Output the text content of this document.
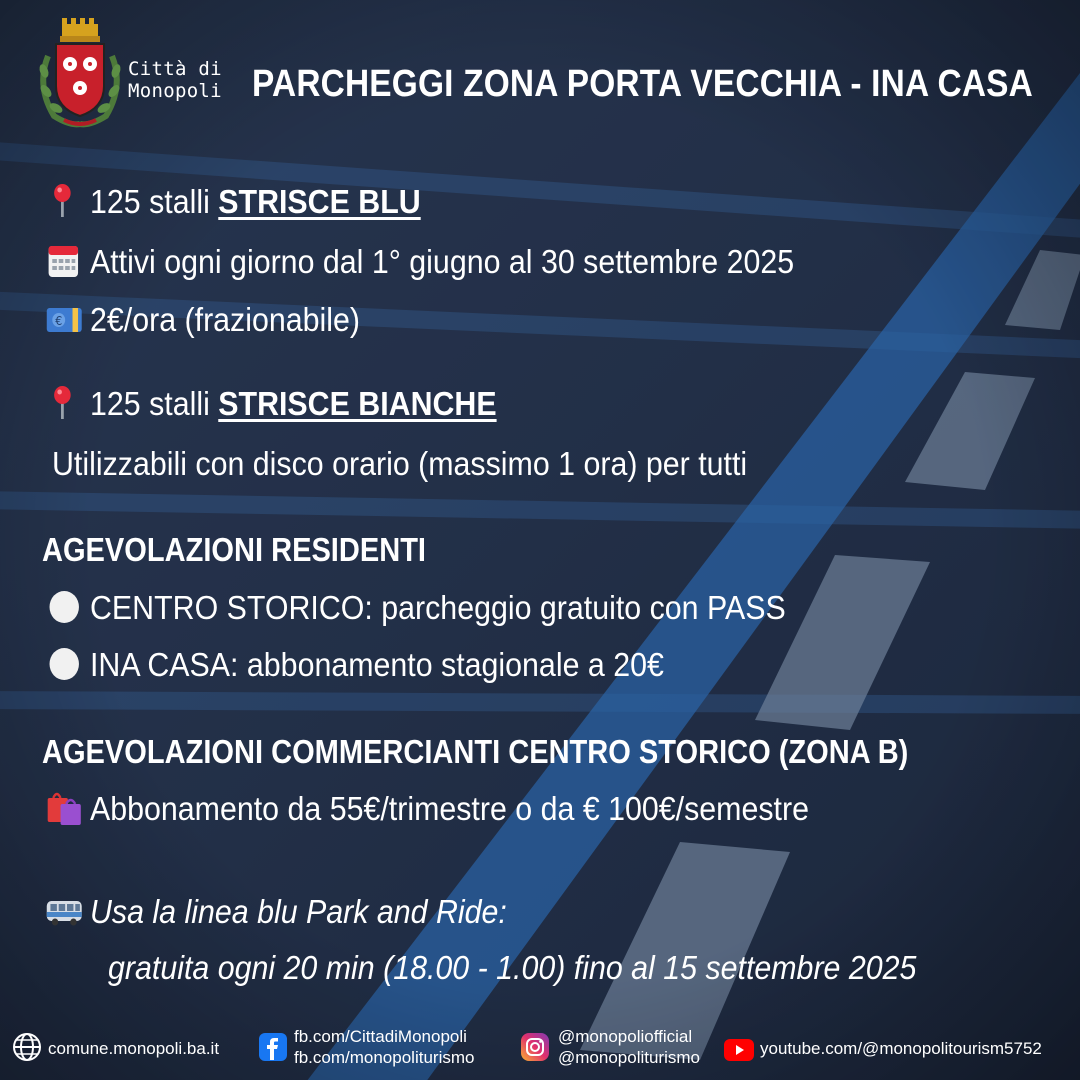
Città di
Monopoli PARCHEGGI ZONA PORTA VECCHIA - INA CASA
125 stalli STRISCE BLU
Attivi ogni giorno dal 1° giugno al 30 settembre 2025
€ 2€/ora (frazionabile)
125 stalli STRISCE BIANCHE
Utilizzabili con disco orario (massimo 1 ora) per tutti
AGEVOLAZIONI RESIDENTI
CENTRO STORICO: parcheggio gratuito con PASS
INA CASA: abbonamento stagionale a 20€
AGEVOLAZIONI COMMERCIANTI CENTRO STORICO (ZONA B)
Abbonamento da 55€/trimestre o da € 100€/semestre
Usa la linea blu Park and Ride:
gratuita ogni 20 min (18.00 - 1.00) fino al 15 settembre 2025
comune.monopoli.ba.it
fb.com/CittadiMonopoli
fb.com/monopoliturismo
@monopoliofficial
@monopoliturismo	youtube.com/@monopolitourism5752
